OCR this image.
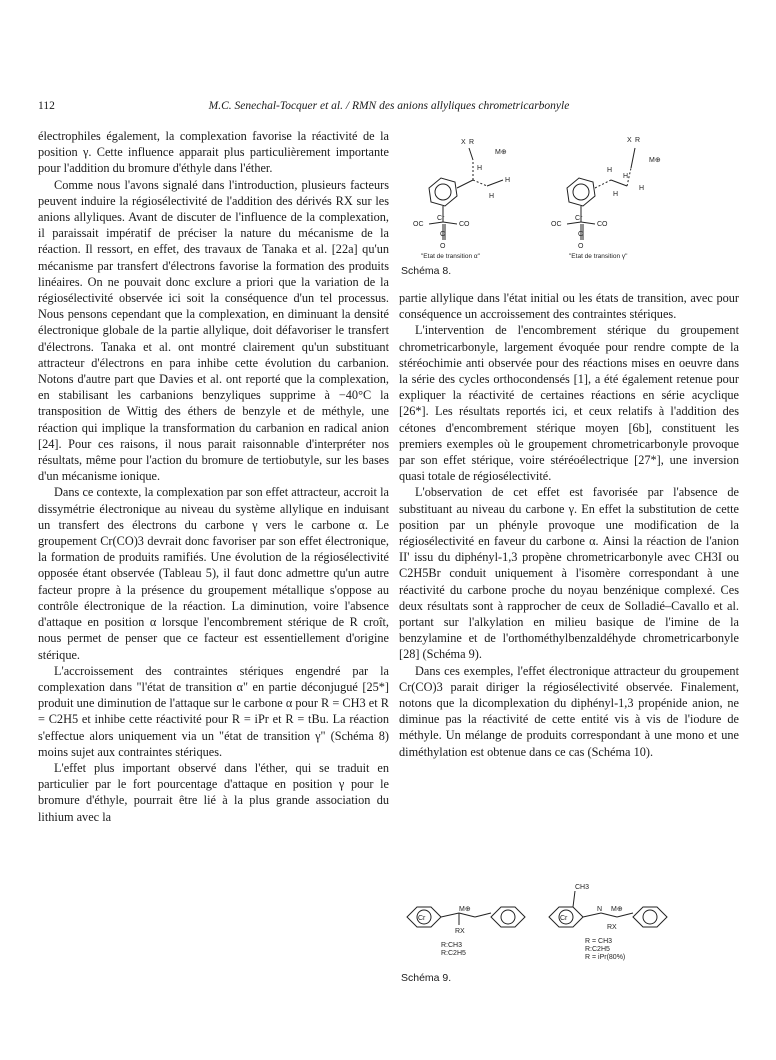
112	M.C. Senechal-Tocquer et al. / RMN des anions allyliques chrometricarbonyle

électrophiles également, la complexation favorise la réactivité de la position γ. Cette influence apparait plus particulièrement importante pour l'addition du bromure d'éthyle dans l'éther.

Comme nous l'avons signalé dans l'introduction, plusieurs facteurs peuvent induire la régiosélectivité de l'addition des dérivés RX sur les anions allyliques. Avant de discuter de l'influence de la complexation, il paraissait impératif de préciser la nature du mécanisme de la réaction. Il ressort, en effet, des travaux de Tanaka et al. [22a] qu'un mécanisme par transfert d'électrons favorise la formation des produits linéaires. On ne pouvait donc exclure a priori que la variation de la régiosélectivité observée ici soit la conséquence d'un tel processus. Nous pensons cependant que la complexation, en diminuant la densité électronique globale de la partie allylique, doit défavoriser le transfert d'électrons. Tanaka et al. ont montré clairement qu'un substituant attracteur d'électrons en para inhibe cette évolution du carbanion. Notons d'autre part que Davies et al. ont reporté que la complexation, en stabilisant les carbanions benzyliques supprime à −40°C la transposition de Wittig des éthers de benzyle et de méthyle, une réaction qui implique la transformation du carbanion en radical anion [24]. Pour ces raisons, il nous parait raisonnable d'interpréter nos résultats, même pour l'action du bromure de tertiobutyle, sur les bases d'un mécanisme ionique.

Dans ce contexte, la complexation par son effet attracteur, accroit la dissymétrie électronique au niveau du système allylique en induisant un transfert des électrons du carbone γ vers le carbone α. Le groupement Cr(CO)3 devrait donc favoriser par son effet électronique, la formation de produits ramifiés. Une évolution de la régiosélectivité opposée étant observée (Tableau 5), il faut donc admettre qu'un autre facteur propre à la présence du groupement métallique s'oppose au contrôle électronique de la réaction. La diminution, voire l'absence d'attaque en position α lorsque l'encombrement stérique de R croît, nous permet de penser que ce facteur est essentiellement d'origine stérique.

L'accroissement des contraintes stériques engendré par la complexation dans "l'état de transition α" en partie déconjugué [25*] produit une diminution de l'attaque sur le carbone α pour R = CH3 et R = C2H5 et inhibe cette réactivité pour R = iPr et R = tBu. La réaction s'effectue alors uniquement via un "état de transition γ" (Schéma 8) moins sujet aux contraintes stériques.

L'effet plus important observé dans l'éther, qui se traduit en particulier par le fort pourcentage d'attaque en position γ pour le bromure d'éthyle, pourrait être lié à la plus grande association du lithium avec la

X R
M⊕
H
H
H
Cr
OC	CO
C
O
"Etat de transition α"
X R
M⊕
H
H
H
H
Cr
OC	CO
C
O
"Etat de transition γ"
Schéma 8.

partie allylique dans l'état initial ou les états de transition, avec pour conséquence un accroissement des contraintes stériques.

L'intervention de l'encombrement stérique du groupement chrometricarbonyle, largement évoquée pour rendre compte de la stéréochimie anti observée pour des réactions mises en oeuvre dans la série des cycles orthocondensés [1], a été également retenue pour expliquer la réactivité de certaines réactions en série acyclique [26*]. Les résultats reportés ici, et ceux relatifs à l'addition des cétones d'encombrement stérique moyen [6b], constituent les premiers exemples où le groupement chrometricarbonyle provoque par son effet stérique, voire stéréoélectrique [27*], une inversion quasi totale de régiosélectivité.

L'observation de cet effet est favorisée par l'absence de substituant au niveau du carbone γ. En effet la substitution de cette position par un phényle provoque une modification de la régiosélectivité en faveur du carbone α. Ainsi la réaction de l'anion II' issu du diphényl-1,3 propène chrometricarbonyle avec CH3I ou C2H5Br conduit uniquement à l'isomère correspondant à une réactivité du carbone proche du noyau benzénique complexé. Ces deux résultats sont à rapprocher de ceux de Solladié–Cavallo et al. portant sur l'alkylation en milieu basique de l'imine de la benzylamine et de l'orthométhylbenzaldéhyde chrometricarbonyle [28] (Schéma 9).

Dans ces exemples, l'effet électronique attracteur du groupement Cr(CO)3 parait diriger la régiosélectivité observée. Finalement, notons que la dicomplexation du diphényl-1,3 propénide anion, ne diminue pas la réactivité de cette entité vis à vis de l'iodure de méthyle. Un mélange de produits correspondant à une mono et une diméthylation est obtenue dans ce cas (Schéma 10).

Cr
M⊕
RX
R:CH3
R:C2H5
CH3
Cr
N M⊕
RX
R = CH3
R:C2H5
R = iPr(80%)
Schéma 9.
